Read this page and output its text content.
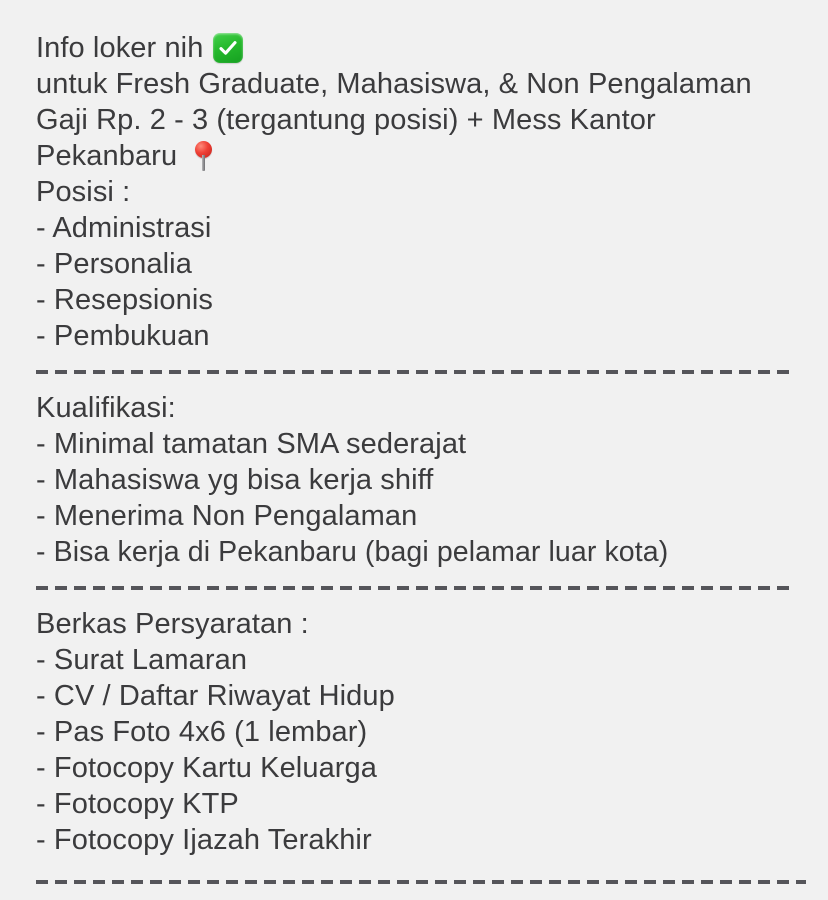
Info loker nih

untuk Fresh Graduate, Mahasiswa, & Non Pengalaman
Gaji Rp. 2 - 3 (tergantung posisi) + Mess Kantor
Pekanbaru

Posisi :
- Administrasi
- Personalia
- Resepsionis
- Pembukuan
Kualifikasi:
- Minimal tamatan SMA sederajat
- Mahasiswa yg bisa kerja shiff
- Menerima Non Pengalaman
- Bisa kerja di Pekanbaru (bagi pelamar luar kota)
Berkas Persyaratan :
- Surat Lamaran
- CV / Daftar Riwayat Hidup
- Pas Foto 4x6 (1 lembar)
- Fotocopy Kartu Keluarga
- Fotocopy KTP
- Fotocopy Ijazah Terakhir
